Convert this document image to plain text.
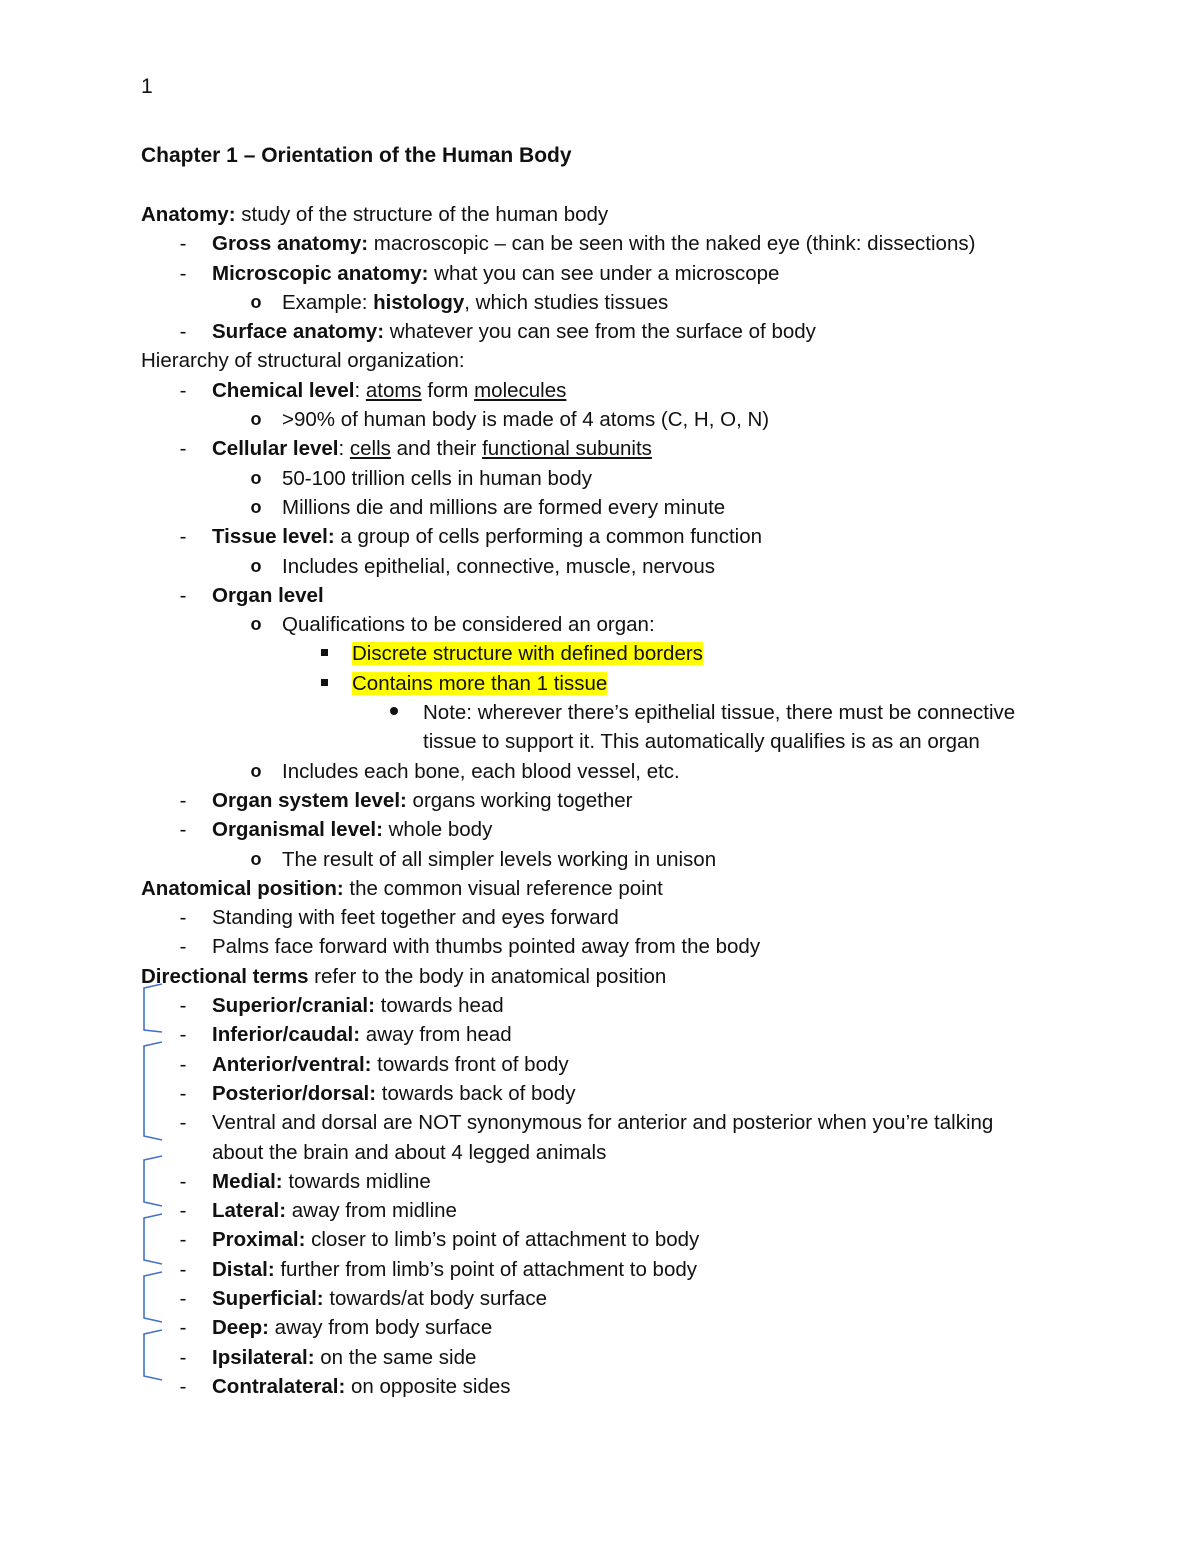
1
Chapter 1 – Orientation of the Human Body
Anatomy: study of the structure of the human body
-	Gross anatomy: macroscopic – can be seen with the naked eye (think: dissections)
-	Microscopic anatomy: what you can see under a microscope
o Example: histology, which studies tissues
-	Surface anatomy: whatever you can see from the surface of body
Hierarchy of structural organization:
-	Chemical level: atoms form molecules
o >90% of human body is made of 4 atoms (C, H, O, N)
-	Cellular level: cells and their functional subunits
o 50-100 trillion cells in human body
o Millions die and millions are formed every minute
-	Tissue level: a group of cells performing a common function
o Includes epithelial, connective, muscle, nervous
-	Organ level
o Qualifications to be considered an organ:
Discrete structure with defined borders
Contains more than 1 tissue
Note: wherever there’s epithelial tissue, there must be connective
tissue to support it. This automatically qualifies is as an organ
o Includes each bone, each blood vessel, etc.
-	Organ system level: organs working together
-	Organismal level: whole body
o The result of all simpler levels working in unison
Anatomical position: the common visual reference point
-	Standing with feet together and eyes forward
-	Palms face forward with thumbs pointed away from the body
Directional terms refer to the body in anatomical position
-	Superior/cranial: towards head
-	Inferior/caudal: away from head
-	Anterior/ventral: towards front of body
-	Posterior/dorsal: towards back of body
-	Ventral and dorsal are NOT synonymous for anterior and posterior when you’re talking
about the brain and about 4 legged animals
-	Medial: towards midline
-	Lateral: away from midline
-	Proximal: closer to limb’s point of attachment to body
-	Distal: further from limb’s point of attachment to body
-	Superficial: towards/at body surface
-	Deep: away from body surface
-	Ipsilateral: on the same side
-	Contralateral: on opposite sides
